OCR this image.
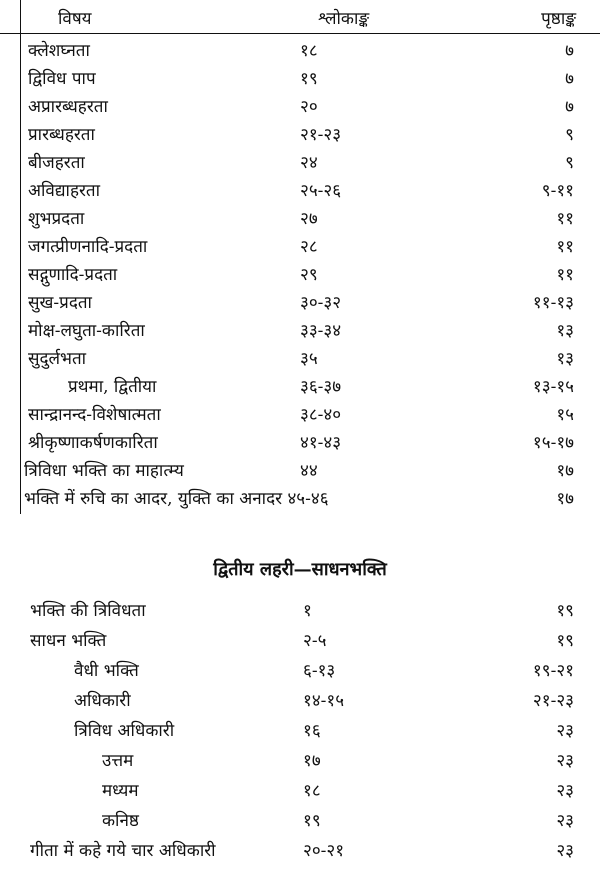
विषय	श्लोकाङ्क	पृष्ठाङ्क
क्लेशघ्नता	१८	७
द्विविध पाप	१९	७
अप्रारब्धहरता	२०	७
प्रारब्धहरता	२१-२३	९
बीजहरता	२४	९
अविद्याहरता	२५-२६	९-११
शुभप्रदता	२७	११
जगत्प्रीणनादि-प्रदता	२८	११
सद्गुणादि-प्रदता	२९	११
सुख-प्रदता	३०-३२	११-१३
मोक्ष-लघुता-कारिता	३३-३४	१३
सुदुर्लभता	३५	१३
प्रथमा, द्वितीया	३६-३७	१३-१५
सान्द्रानन्द-विशेषात्मता	३८-४०	१५
श्रीकृष्णाकर्षणकारिता	४१-४३	१५-१७
त्रिविधा भक्ति का माहात्म्य	४४	१७
भक्ति में रुचि का आदर, युक्ति का अनादर ४५-४६	१७
द्वितीय लहरी—साधनभक्ति
भक्ति की त्रिविधता	१	१९
साधन भक्ति	२-५	१९
वैधी भक्ति	६-१३	१९-२१
अधिकारी	१४-१५	२१-२३
त्रिविध अधिकारी	१६	२३
उत्तम	१७	२३
मध्यम	१८	२३
कनिष्ठ	१९	२३
गीता में कहे गये चार अधिकारी	२०-२१	२३
